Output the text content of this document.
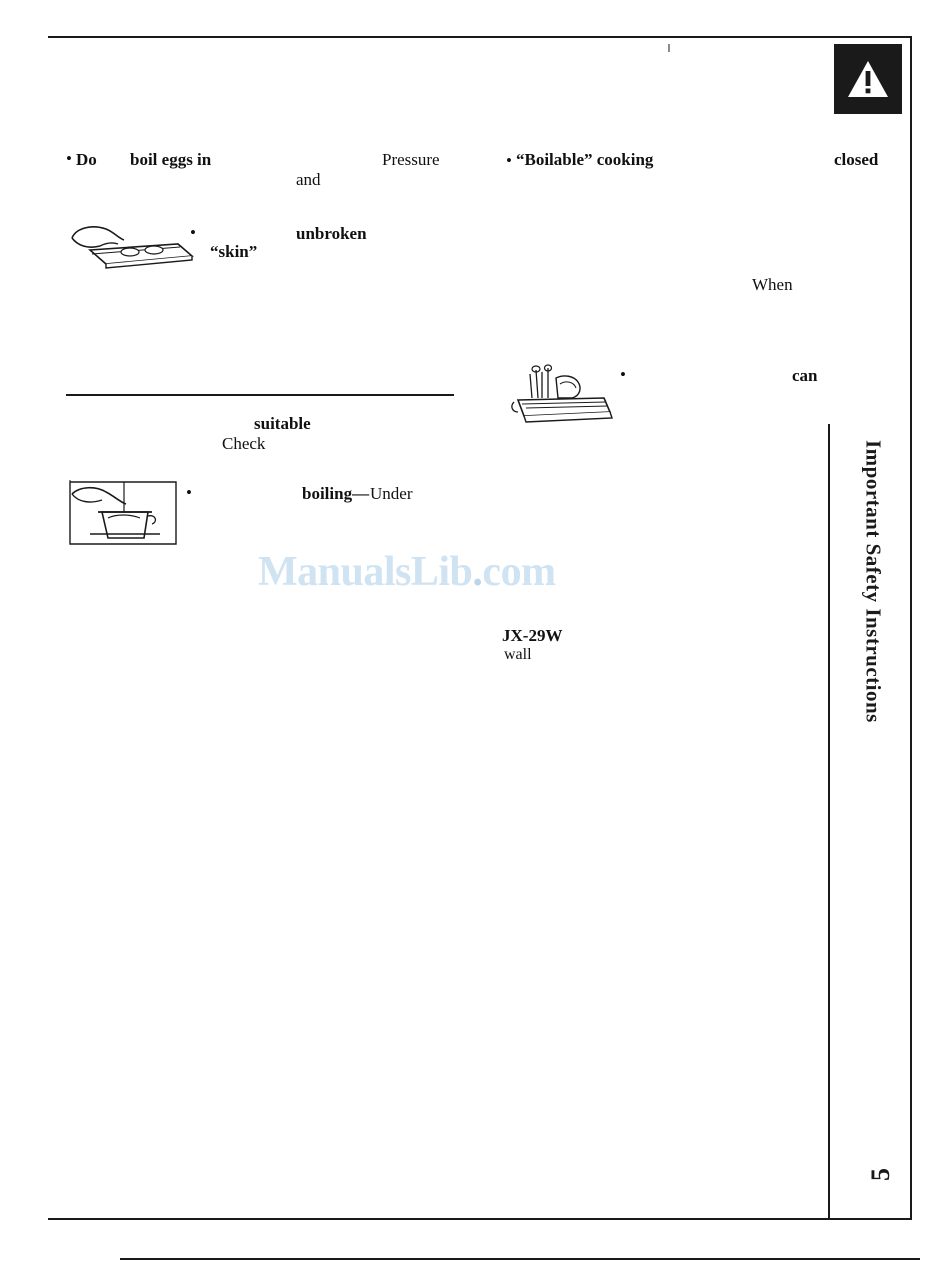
Important Safety Instructions
5
• Do boil eggs in	Pressure
and
•	unbroken
“skin”
suitable
Check
•	boiling— Under

• “Boilable” cooking	closed
When
•	can
JX-29W
wall
ManualsLib.com
